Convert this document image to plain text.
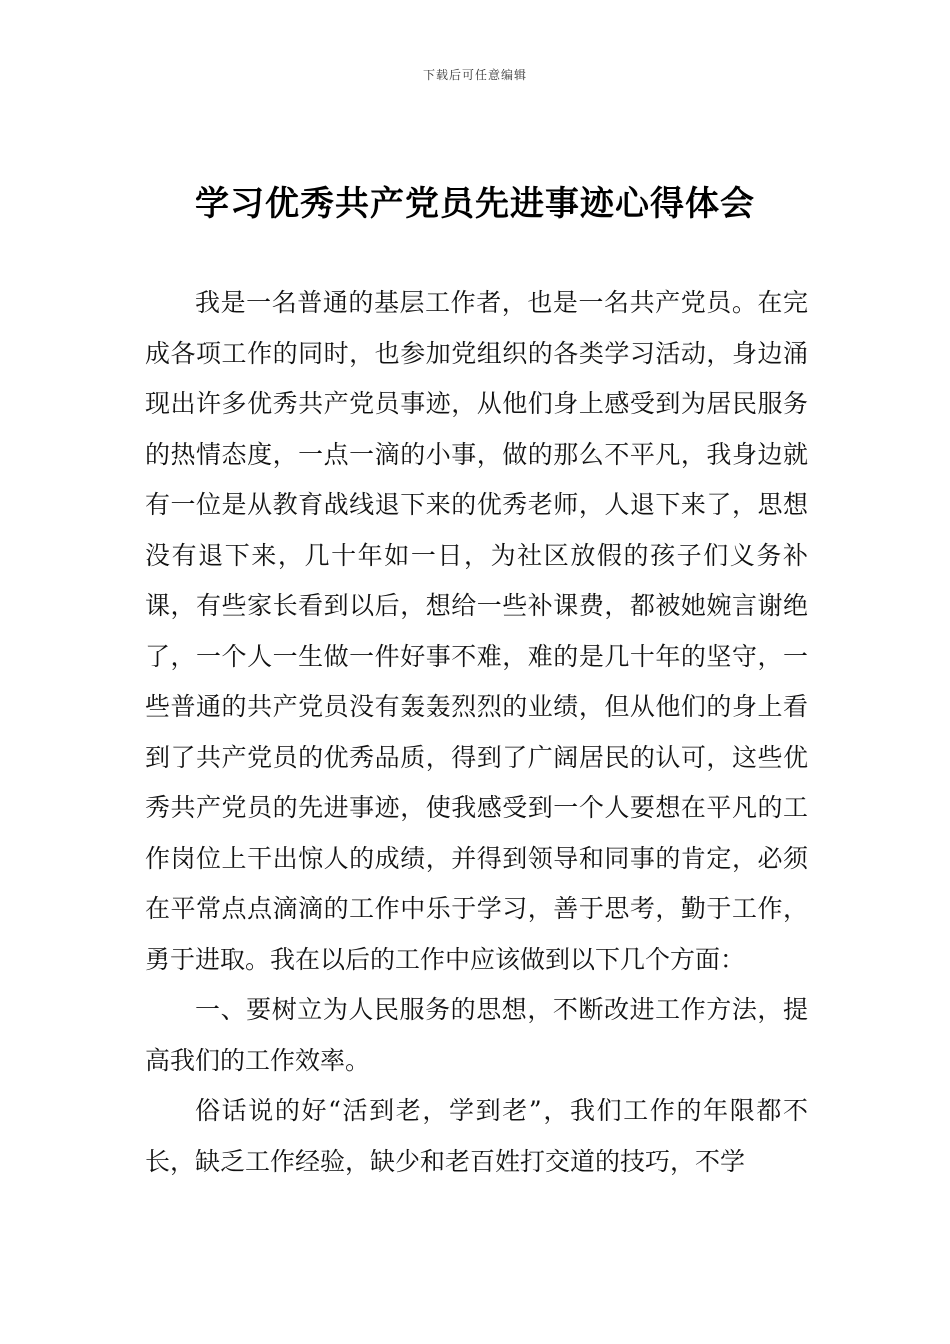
下载后可任意编辑
学习优秀共产党员先进事迹心得体会

我是一名普通的基层工作者，也是一名共产党员。在完成各项工作的同时，也参加党组织的各类学习活动，身边涌现出许多优秀共产党员事迹，从他们身上感受到为居民服务的热情态度，一点一滴的小事，做的那么不平凡，我身边就有一位是从教育战线退下来的优秀老师，人退下来了，思想没有退下来，几十年如一日，为社区放假的孩子们义务补课，有些家长看到以后，想给一些补课费，都被她婉言谢绝了，一个人一生做一件好事不难，难的是几十年的坚守，一些普通的共产党员没有轰轰烈烈的业绩，但从他们的身上看到了共产党员的优秀品质，得到了广阔居民的认可，这些优秀共产党员的先进事迹，使我感受到一个人要想在平凡的工作岗位上干出惊人的成绩，并得到领导和同事的肯定，必须在平常点点滴滴的工作中乐于学习，善于思考，勤于工作，勇于进取。我在以后的工作中应该做到以下几个方面：

一、要树立为人民服务的思想，不断改进工作方法，提高我们的工作效率。

俗话说的好“活到老，学到老”，我们工作的年限都不长，缺乏工作经验，缺少和老百姓打交道的技巧，不学
